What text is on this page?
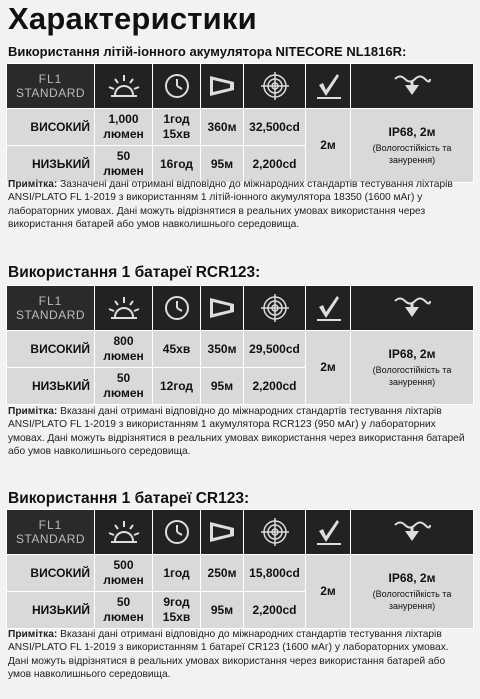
Характеристики
Використання літій-іонного акумулятора NITECORE NL1816R:
FL1
STANDARD

ВИСОКИЙ	1,000
люмен	1год
15хв	360м	32,500cd	2м	IP68, 2м
(Вологостійкість та занурення)

НИЗЬКИЙ	50
люмен	16год	95м	2,200cd		
Примітка: Зазначені дані отримані відповідно до міжнародних стандартів тестування ліхтарів ANSI/PLATO FL 1-2019 з використанням 1 літій-іонного акумулятора 18350 (1600 мАг) у лабораторних умовах. Дані можуть відрізнятися в реальних умовах використання через використання батарей або умов навколишнього середовища.
Використання 1 батареї RCR123:
FL1
STANDARD

ВИСОКИЙ	800
люмен	45хв	350м	29,500cd	2м	IP68, 2м
(Вологостійкість та занурення)

НИЗЬКИЙ	50
люмен	12год	95м	2,200cd		
Примітка: Вказані дані отримані відповідно до міжнародних стандартів тестування ліхтарів ANSI/PLATO FL 1-2019 з використанням 1 акумулятора RCR123 (950 мАг) у лабораторних умовах. Дані можуть відрізнятися в реальних умовах використання через використання батарей або умов навколишнього середовища.
Використання 1 батареї CR123:
FL1
STANDARD

ВИСОКИЙ	500
люмен	1год	250м	15,800cd	2м	IP68, 2м
(Вологостійкість та занурення)

НИЗЬКИЙ	50
люмен	9год
15хв	95м	2,200cd		
Примітка: Вказані дані отримані відповідно до міжнародних стандартів тестування ліхтарів ANSI/PLATO FL 1-2019 з використанням 1 батареї CR123 (1600 мАг) у лабораторних умовах. Дані можуть відрізнятися в реальних умовах використання через використання батарей або умов навколишнього середовища.
